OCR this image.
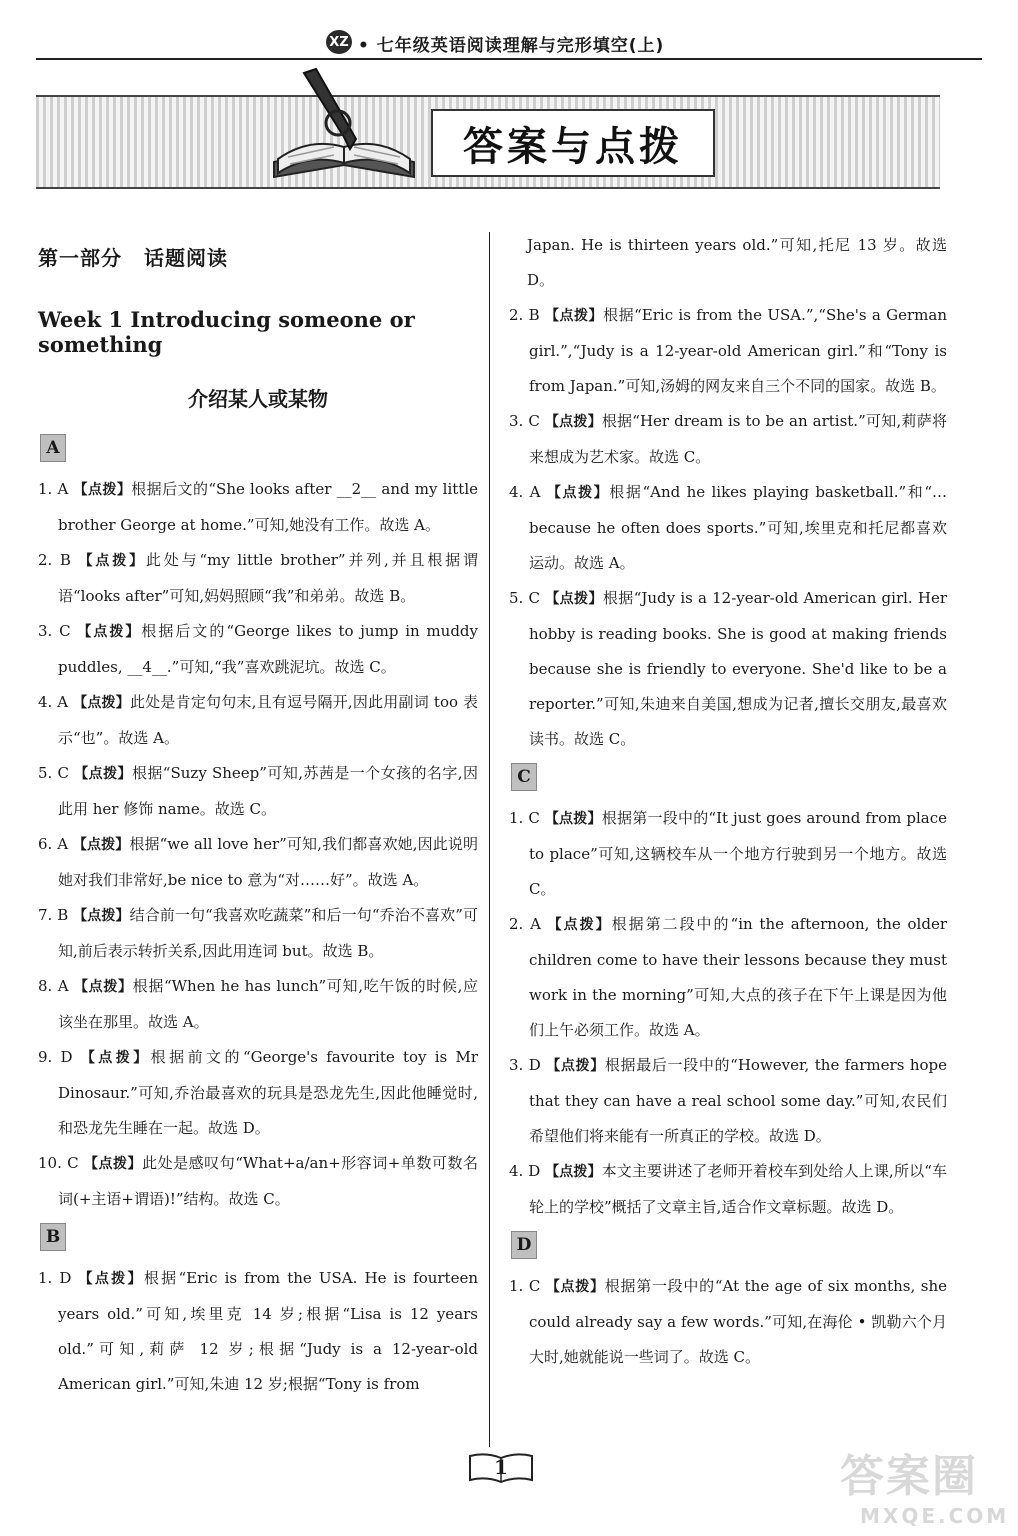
XZ • 七年级英语阅读理解与完形填空(上)
答案与点拨
第一部分 话题阅读
Week 1 Introducing someone or something
介绍某人或某物
A

1. A 【点拨】根据后文的“She looks after __2__ and my little brother George at home.”可知,她没有工作。故选 A。

2. B 【点拨】此处与“my little brother”并列,并且根据谓语“looks after”可知,妈妈照顾“我”和弟弟。故选 B。

3. C 【点拨】根据后文的“George likes to jump in muddy puddles, __4__.”可知,“我”喜欢跳泥坑。故选 C。

4. A 【点拨】此处是肯定句句末,且有逗号隔开,因此用副词 too 表示“也”。故选 A。

5. C 【点拨】根据“Suzy Sheep”可知,苏茜是一个女孩的名字,因此用 her 修饰 name。故选 C。

6. A 【点拨】根据“we all love her”可知,我们都喜欢她,因此说明她对我们非常好,be nice to 意为“对……好”。故选 A。

7. B 【点拨】结合前一句“我喜欢吃蔬菜”和后一句“乔治不喜欢”可知,前后表示转折关系,因此用连词 but。故选 B。

8. A 【点拨】根据“When he has lunch”可知,吃午饭的时候,应该坐在那里。故选 A。

9. D 【点拨】根据前文的“George's favourite toy is Mr Dinosaur.”可知,乔治最喜欢的玩具是恐龙先生,因此他睡觉时,和恐龙先生睡在一起。故选 D。

10. C 【点拨】此处是感叹句“What+a/an+形容词+单数可数名词(+主语+谓语)!”结构。故选 C。

B

1. D 【点拨】根据“Eric is from the USA. He is fourteen years old.”可知,埃里克 14 岁;根据“Lisa is 12 years old.”可知,莉萨 12 岁;根据“Judy is a 12-year-old American girl.”可知,朱迪 12 岁;根据“Tony is from

Japan. He is thirteen years old.”可知,托尼 13 岁。故选 D。

2. B 【点拨】根据“Eric is from the USA.”,“She's a German girl.”,“Judy is a 12-year-old American girl.”和“Tony is from Japan.”可知,汤姆的网友来自三个不同的国家。故选 B。

3. C 【点拨】根据“Her dream is to be an artist.”可知,莉萨将来想成为艺术家。故选 C。

4. A 【点拨】根据“And he likes playing basketball.”和“…because he often does sports.”可知,埃里克和托尼都喜欢运动。故选 A。

5. C 【点拨】根据“Judy is a 12-year-old American girl. Her hobby is reading books. She is good at making friends because she is friendly to everyone. She'd like to be a reporter.”可知,朱迪来自美国,想成为记者,擅长交朋友,最喜欢读书。故选 C。

C

1. C 【点拨】根据第一段中的“It just goes around from place to place”可知,这辆校车从一个地方行驶到另一个地方。故选 C。

2. A 【点拨】根据第二段中的“in the afternoon, the older children come to have their lessons because they must work in the morning”可知,大点的孩子在下午上课是因为他们上午必须工作。故选 A。

3. D 【点拨】根据最后一段中的“However, the farmers hope that they can have a real school some day.”可知,农民们希望他们将来能有一所真正的学校。故选 D。

4. D 【点拨】本文主要讲述了老师开着校车到处给人上课,所以“车轮上的学校”概括了文章主旨,适合作文章标题。故选 D。

D

1. C 【点拨】根据第一段中的“At the age of six months, she could already say a few words.”可知,在海伦 • 凯勒六个月大时,她就能说一些词了。故选 C。

1	答案圈
MXQE.COM
